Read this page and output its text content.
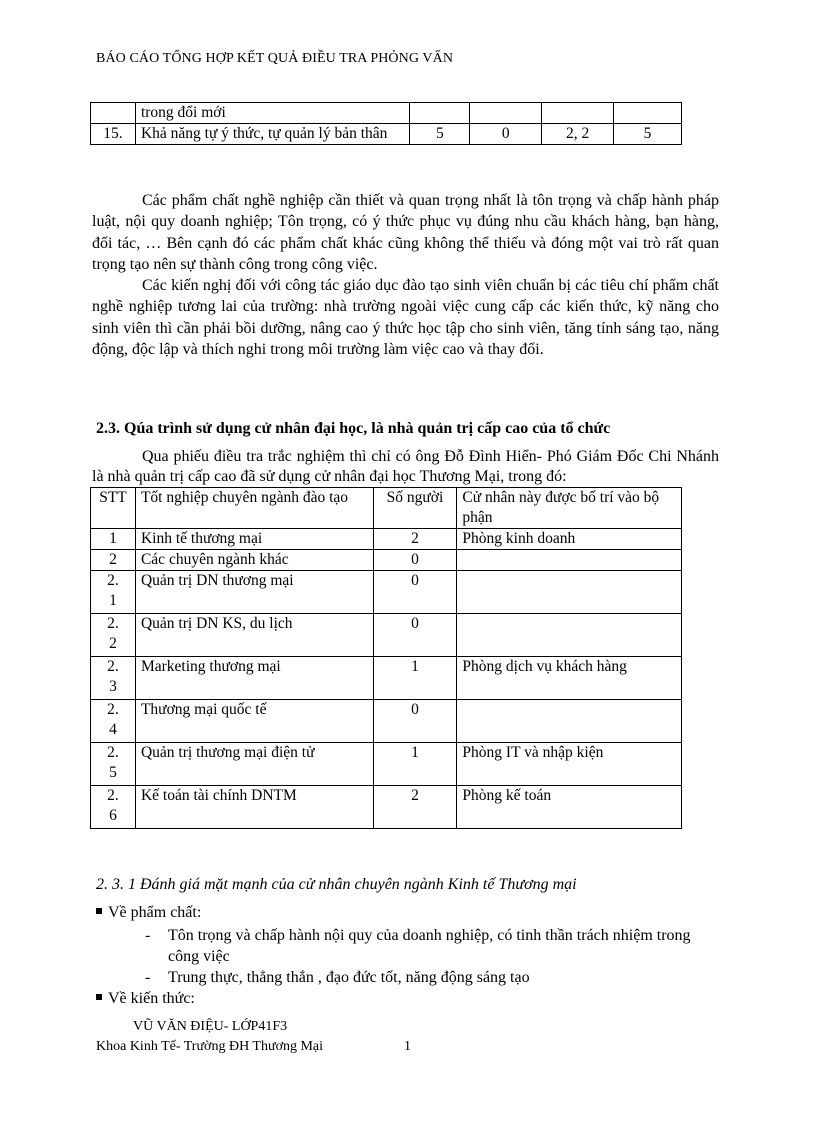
BÁO CÁO TỔNG HỢP KẾT QUẢ ĐIỀU TRA PHỎNG VẤN
	trong đổi mới				
15.	Khả năng tự ý thức, tự quản lý bản thân	5	0	2, 2	5

Các phẩm chất nghề nghiệp cần thiết và quan trọng nhất là tôn trọng và chấp hành pháp luật, nội quy doanh nghiệp; Tôn trọng, có ý thức phục vụ đúng nhu cầu khách hàng, bạn hàng, đối tác, … Bên cạnh đó các phẩm chất khác cũng không thể thiếu và đóng một vai trò rất quan trọng tạo nên sự thành công trong công việc.

Các kiến nghị đối với công tác giáo dục đào tạo sinh viên chuẩn bị các tiêu chí phẩm chất nghề nghiệp tương lai của trường: nhà trường ngoài việc cung cấp các kiến thức, kỹ năng cho sinh viên thì cần phải bồi dưỡng, nâng cao ý thức học tập cho sinh viên, tăng tính sáng tạo, năng động, độc lập và thích nghi trong môi trường làm việc cao và thay đổi.

2.3. Qúa trình sử dụng cử nhân đại học, là nhà quản trị cấp cao của tổ chức

Qua phiếu điều tra trắc nghiệm thì chỉ có ông Đỗ Đình Hiển- Phó Giám Đốc Chi Nhánh là nhà quản trị cấp cao đã sử dụng cử nhân đại học Thương Mại, trong đó:

STT	Tốt nghiệp chuyên ngành đào tạo	Số người	Cử nhân này được bố trí vào bộ phận
1	Kinh tế thương mại	2	Phòng kinh doanh
2	Các chuyên ngành khác	0	
2.
1	Quản trị DN thương mại	0	
2.
2	Quản trị DN KS, du lịch	0	
2.
3	Marketing thương mại	1	Phòng dịch vụ khách hàng
2.
4	Thương mại quốc tế	0	
2.
5	Quản trị thương mại điện tử	1	Phòng IT và nhập kiện
2.
6	Kế toán tài chính DNTM	2	Phòng kế toán
2. 3. 1 Đánh giá mặt mạnh của cử nhân chuyên ngành Kinh tế Thương mại
Về phẩm chất:
-	Tôn trọng và chấp hành nội quy của doanh nghiệp, có tinh thần trách nhiệm trong công việc
-	Trung thực, thẳng thắn , đạo đức tốt, năng động sáng tạo
Về kiến thức:
VŨ VĂN ĐIỆU- LỚP41F3
Khoa Kinh Tế- Trường ĐH Thương Mại	1
